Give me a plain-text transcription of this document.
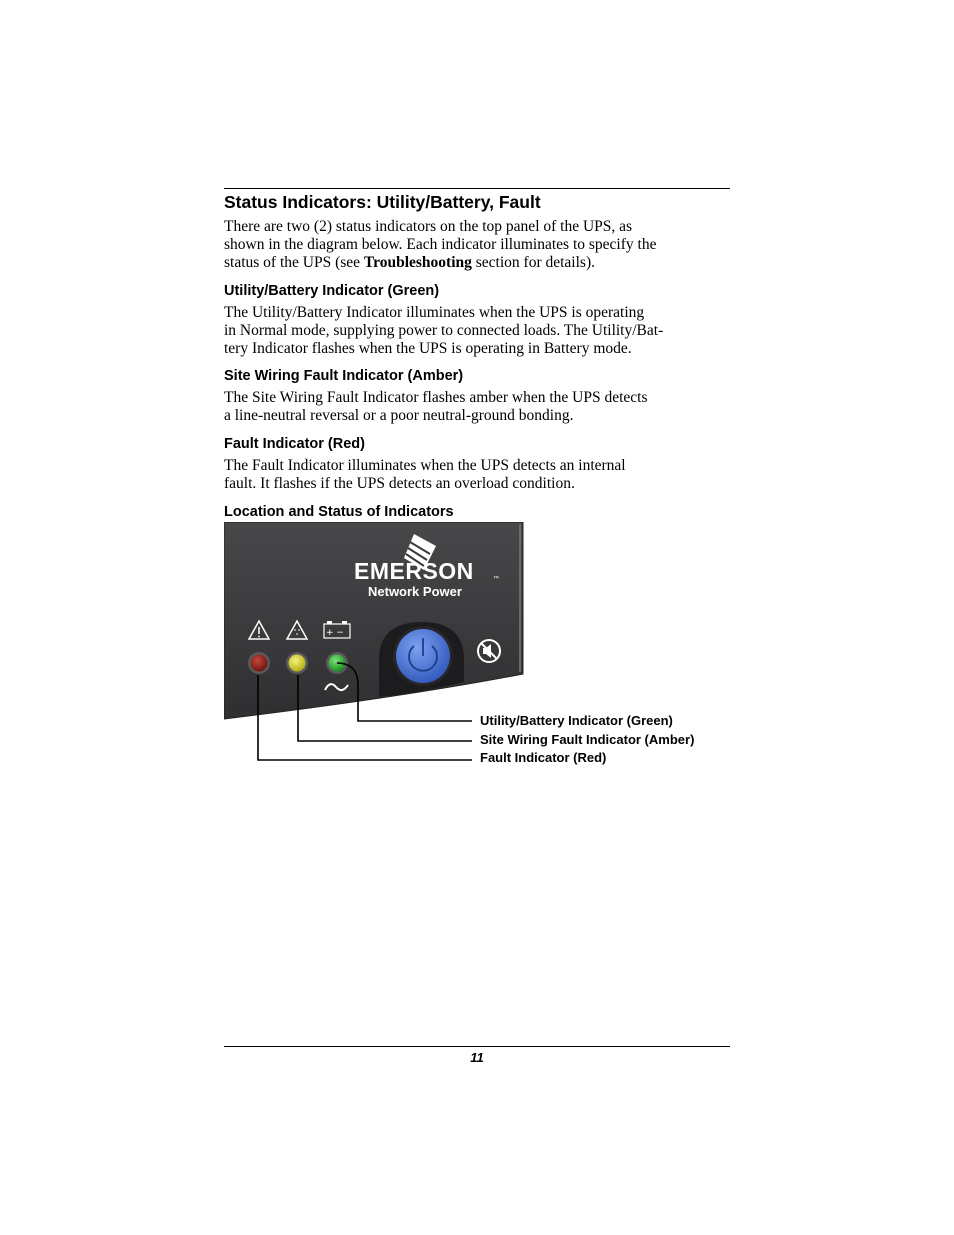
Status Indicators: Utility/Battery, Fault

There are two (2) status indicators on the top panel of the UPS, as
shown in the diagram below. Each indicator illuminates to specify the
status of the UPS (see Troubleshooting section for details).

Utility/Battery Indicator (Green)

The Utility/Battery Indicator illuminates when the UPS is operating
in Normal mode, supplying power to connected loads. The Utility/Bat-
tery Indicator flashes when the UPS is operating in Battery mode.

Site Wiring Fault Indicator (Amber)

The Site Wiring Fault Indicator flashes amber when the UPS detects
a line-neutral reversal or a poor neutral-ground bonding.

Fault Indicator (Red)

The Fault Indicator illuminates when the UPS detects an internal
fault. It flashes if the UPS detects an overload condition.

Location and Status of Indicators
EMERSON	™
Network Power
+ −

Utility/Battery Indicator (Green)

Site Wiring Fault Indicator (Amber)

Fault Indicator (Red)

11
